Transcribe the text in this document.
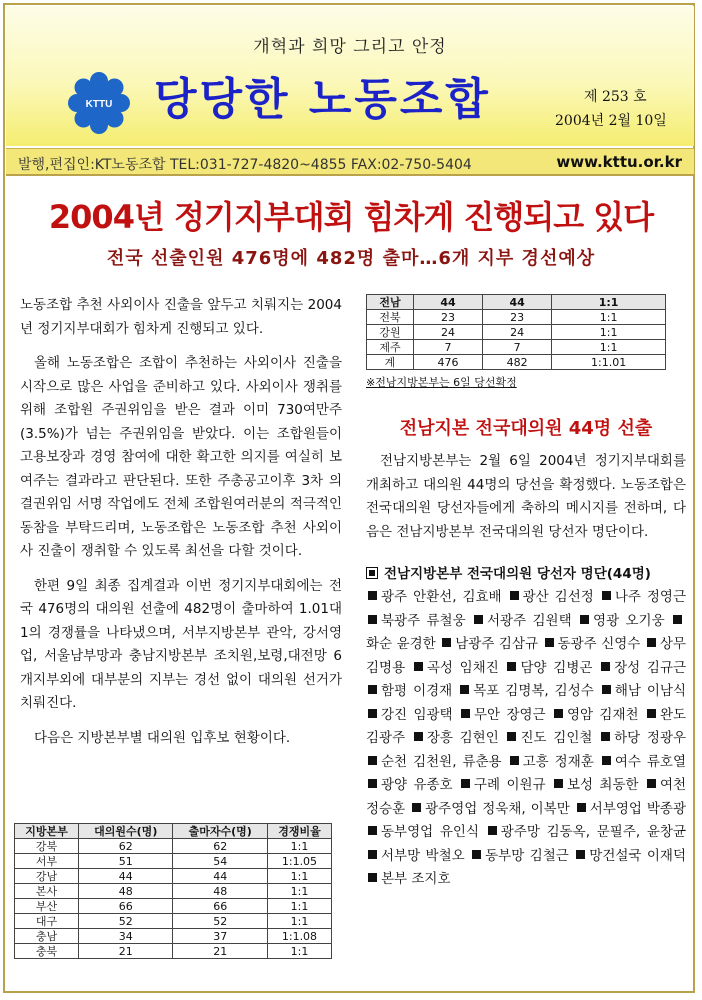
개혁과 희망 그리고 안정
KTTU 당당한 노동조합	제 253 호
2004년 2월 10일
발행,편집인:KT노동조합 TEL:031-727-4820~4855 FAX:02-750-5404	www.kttu.or.kr
2004년 정기지부대회 힘차게 진행되고 있다
전국 선출인원 476명에 482명 출마…6개 지부 경선예상

노동조합 추천 사외이사 진출을 앞두고 치뤄지는 2004년 정기지부대회가 힘차게 진행되고 있다.

올해 노동조합은 조합이 추천하는 사외이사 진출을 시작으로 많은 사업을 준비하고 있다. 사외이사 쟁취를 위해 조합원 주권위임을 받은 결과 이미 730여만주(3.5%)가 넘는 주권위임을 받았다. 이는 조합원들이 고용보장과 경영 참여에 대한 확고한 의지를 여실히 보여주는 결과라고 판단된다. 또한 주총공고이후 3차 의결권위임 서명 작업에도 전체 조합원여러분의 적극적인 동참을 부탁드리며, 노동조합은 노동조합 추천 사외이사 진출이 쟁취할 수 있도록 최선을 다할 것이다.

한편 9일 최종 집계결과 이번 정기지부대회에는 전국 476명의 대의원 선출에 482명이 출마하여 1.01대 1의 경쟁률을 나타냈으며, 서부지방본부 관악, 강서영업, 서울남부망과 충남지방본부 조치원,보령,대전망 6개지부외에 대부분의 지부는 경선 없이 대의원 선거가 치뤄진다.

다음은 지방본부별 대의원 입후보 현황이다.

지방본부	대의원수(명)	출마자수(명)	경쟁비율
강북	62	62	1:1
서부	51	54	1:1.05
강남	44	44	1:1
본사	48	48	1:1
부산	66	66	1:1
대구	52	52	1:1
충남	34	37	1:1.08
충북	21	21	1:1
전남	44	44	1:1
전북	23	23	1:1
강원	24	24	1:1
제주	7	7	1:1
계	476	482	1:1.01
※전남지방본부는 6일 당선확정
전남지본 전국대의원 44명 선출

전남지방본부는 2월 6일 2004년 정기지부대회를 개최하고 대의원 44명의 당선을 확정했다. 노동조합은 전국대의원 당선자들에게 축하의 메시지를 전하며, 다음은 전남지방본부 전국대의원 당선자 명단이다.

전남지방본부 전국대의원 당선자 명단(44명)
광주 안환선, 김효배 광산 김선정 나주 정영근 북광주 류철웅 서광주 김원택 영광 오기웅 화순 윤경한 남광주 김삼규 동광주 신영수 상무 김명용 곡성 임채진 담양 김병곤 장성 김규근 함평 이경재 목포 김명복, 김성수 해남 이남식 강진 임광택 무안 장영근 영암 김재천 완도 김광주 장흥 김현인 진도 김인철 하당 정광우 순천 김천원, 류춘용 고흥 정재훈 여수 류호열 광양 유종호 구례 이원규 보성 최동한 여천 정승훈 광주영업 정욱채, 이복만 서부영업 박종광 동부영업 유인식 광주망 김동옥, 문필주, 윤창균 서부망 박철오 동부망 김철근 망건설국 이재덕 본부 조지호
